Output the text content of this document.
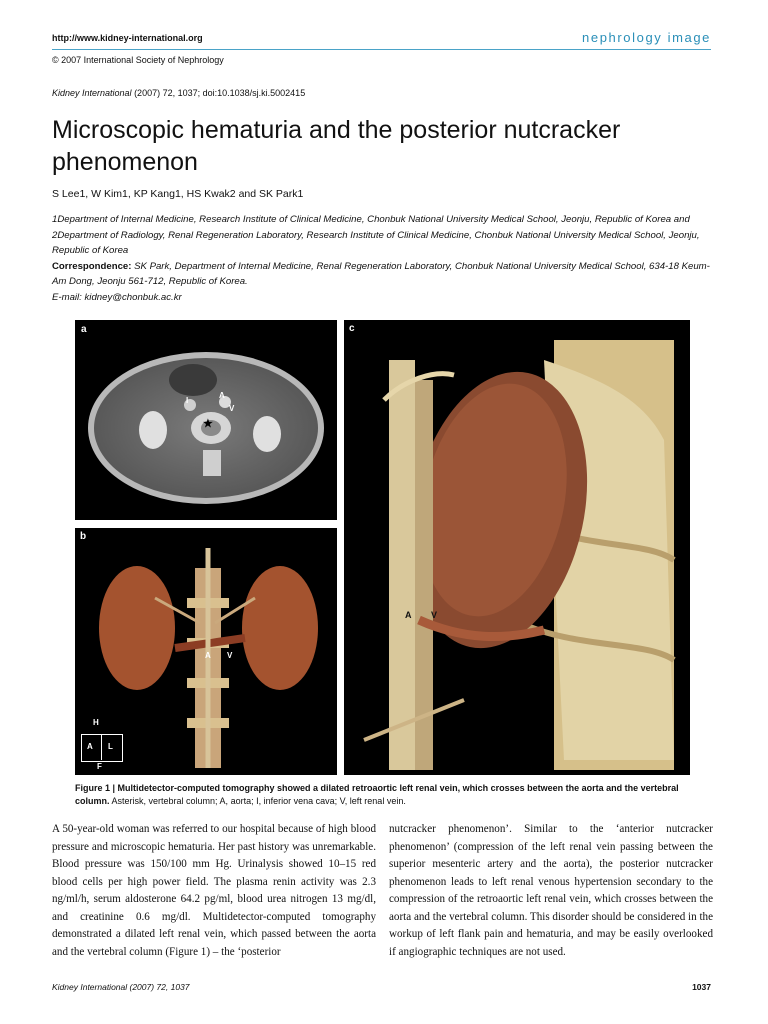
http://www.kidney-international.org	nephrology image
© 2007 International Society of Nephrology
Kidney International (2007) 72, 1037; doi:10.1038/sj.ki.5002415
Microscopic hematuria and the posterior nutcracker phenomenon
S Lee1, W Kim1, KP Kang1, HS Kwak2 and SK Park1
1Department of Internal Medicine, Research Institute of Clinical Medicine, Chonbuk National University Medical School, Jeonju, Republic of Korea and 2Department of Radiology, Renal Regeneration Laboratory, Research Institute of Clinical Medicine, Chonbuk National University Medical School, Jeonju, Republic of Korea
Correspondence: SK Park, Department of Internal Medicine, Renal Regeneration Laboratory, Chonbuk National University Medical School, 634-18 Keum-Am Dong, Jeonju 561-712, Republic of Korea.
E-mail: kidney@chonbuk.ac.kr
a
I
A
V
★
b
A V
H
A L
F
c
A V
Figure 1 | Multidetector-computed tomography showed a dilated retroaortic left renal vein, which crosses between the aorta and the vertebral column. Asterisk, vertebral column; A, aorta; I, inferior vena cava; V, left renal vein.
A 50-year-old woman was referred to our hospital because of high blood pressure and microscopic hematuria. Her past history was unremarkable. Blood pressure was 150/100 mm Hg. Urinalysis showed 10–15 red blood cells per high power field. The plasma renin activity was 2.3 ng/ml/h, serum aldosterone 64.2 pg/ml, blood urea nitrogen 13 mg/dl, and creatinine 0.6 mg/dl. Multidetector-computed tomography demonstrated a dilated left renal vein, which passed between the aorta and the vertebral column (Figure 1) – the ‘posterior
nutcracker phenomenon’. Similar to the ‘anterior nutcracker phenomenon’ (compression of the left renal vein passing between the superior mesenteric artery and the aorta), the posterior nutcracker phenomenon leads to left renal venous hypertension secondary to the compression of the retroaortic left renal vein, which crosses between the aorta and the vertebral column. This disorder should be considered in the workup of left flank pain and hematuria, and may be easily overlooked if angiographic techniques are not used.
Kidney International (2007) 72, 1037	1037
